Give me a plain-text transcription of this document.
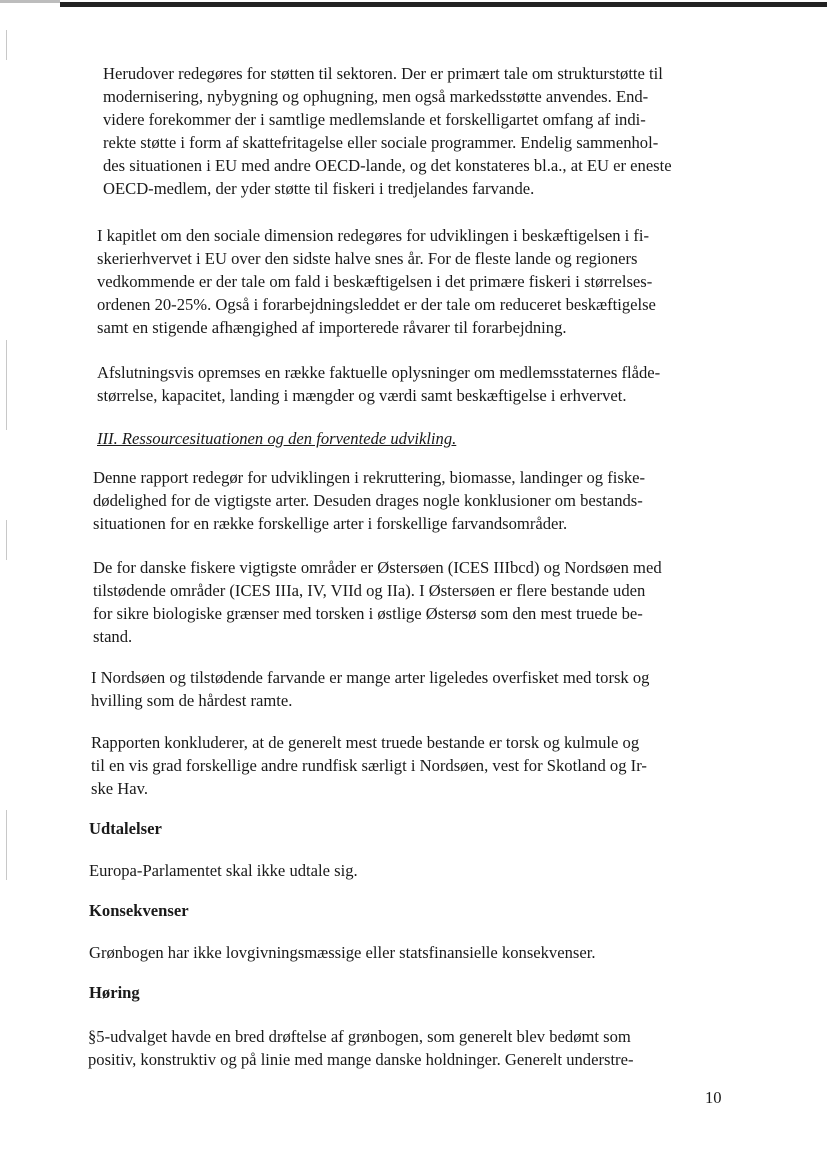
Herudover redegøres for støtten til sektoren. Der er primært tale om strukturstøtte til
modernisering, nybygning og ophugning, men også markedsstøtte anvendes. End-
videre forekommer der i samtlige medlemslande et forskelligartet omfang af indi-
rekte støtte i form af skattefritagelse eller sociale programmer. Endelig sammenhol-
des situationen i EU med andre OECD-lande, og det konstateres bl.a., at EU er eneste
OECD-medlem, der yder støtte til fiskeri i tredjelandes farvande.
I kapitlet om den sociale dimension redegøres for udviklingen i beskæftigelsen i fi-
skerierhvervet i EU over den sidste halve snes år. For de fleste lande og regioners
vedkommende er der tale om fald i beskæftigelsen i det primære fiskeri i størrelses-
ordenen 20-25%. Også i forarbejdningsleddet er der tale om reduceret beskæftigelse
samt en stigende afhængighed af importerede råvarer til forarbejdning.
Afslutningsvis opremses en række faktuelle oplysninger om medlemsstaternes flåde-
størrelse, kapacitet, landing i mængder og værdi samt beskæftigelse i erhvervet.
III. Ressourcesituationen og den forventede udvikling.
Denne rapport redegør for udviklingen i rekruttering, biomasse, landinger og fiske-
dødelighed for de vigtigste arter. Desuden drages nogle konklusioner om bestands-
situationen for en række forskellige arter i forskellige farvandsområder.
De for danske fiskere vigtigste områder er Østersøen (ICES IIIbcd) og Nordsøen med
tilstødende områder (ICES IIIa, IV, VIId og IIa). I Østersøen er flere bestande uden
for sikre biologiske grænser med torsken i østlige Østersø som den mest truede be-
stand.
I Nordsøen og tilstødende farvande er mange arter ligeledes overfisket med torsk og
hvilling som de hårdest ramte.
Rapporten konkluderer, at de generelt mest truede bestande er torsk og kulmule og
til en vis grad forskellige andre rundfisk særligt i Nordsøen, vest for Skotland og Ir-
ske Hav.
Udtalelser
Europa-Parlamentet skal ikke udtale sig.
Konsekvenser
Grønbogen har ikke lovgivningsmæssige eller statsfinansielle konsekvenser.
Høring
§5-udvalget havde en bred drøftelse af grønbogen, som generelt blev bedømt som
positiv, konstruktiv og på linie med mange danske holdninger. Generelt understre-
10
